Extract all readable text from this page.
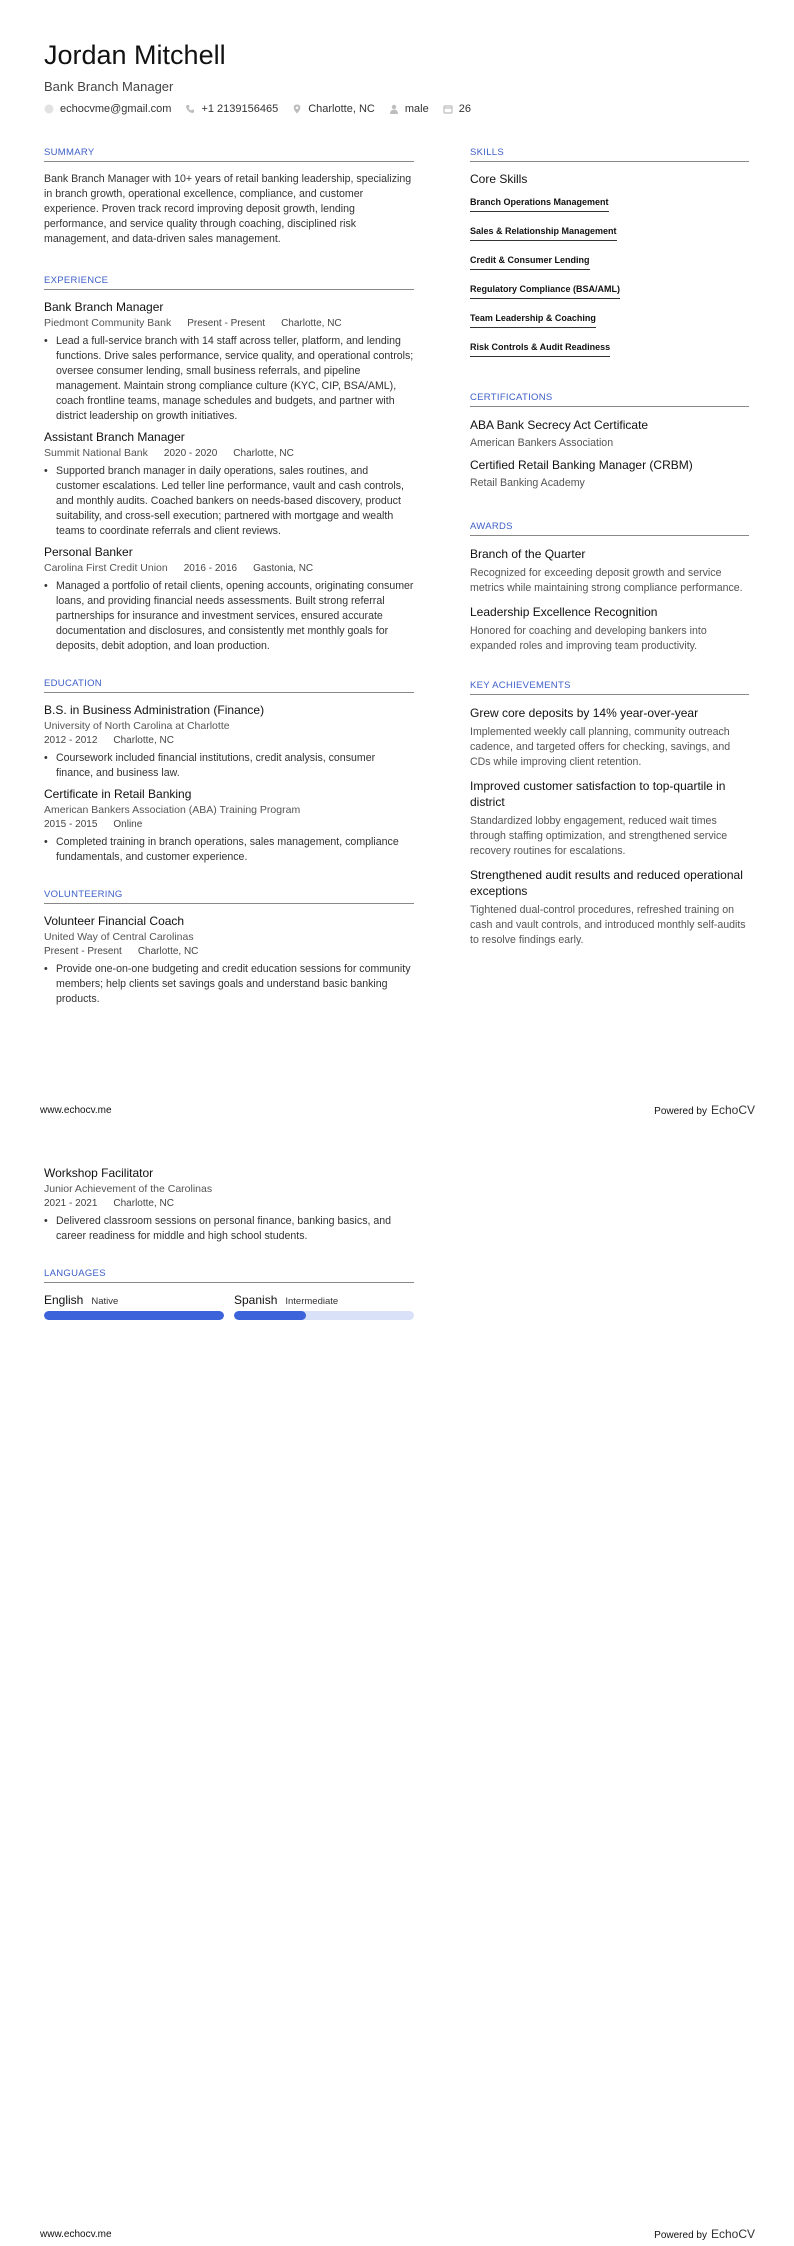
Jordan Mitchell
Bank Branch Manager
echocvme@gmail.com	+1 2139156465	Charlotte, NC	male	26
SUMMARY
Bank Branch Manager with 10+ years of retail banking leadership, specializing in branch growth, operational excellence, compliance, and customer experience. Proven track record improving deposit growth, lending performance, and service quality through coaching, disciplined risk management, and data-driven sales management.
EXPERIENCE
Bank Branch Manager
Piedmont Community Bank Present - Present Charlotte, NC
• Lead a full-service branch with 14 staff across teller, platform, and lending functions. Drive sales performance, service quality, and operational controls; oversee consumer lending, small business referrals, and pipeline management. Maintain strong compliance culture (KYC, CIP, BSA/AML), coach frontline teams, manage schedules and budgets, and partner with district leadership on growth initiatives.
Assistant Branch Manager
Summit National Bank 2020 - 2020 Charlotte, NC
• Supported branch manager in daily operations, sales routines, and customer escalations. Led teller line performance, vault and cash controls, and monthly audits. Coached bankers on needs-based discovery, product suitability, and cross-sell execution; partnered with mortgage and wealth teams to coordinate referrals and client reviews.
Personal Banker
Carolina First Credit Union 2016 - 2016 Gastonia, NC
• Managed a portfolio of retail clients, opening accounts, originating consumer loans, and providing financial needs assessments. Built strong referral partnerships for insurance and investment services, ensured accurate documentation and disclosures, and consistently met monthly goals for deposits, debit adoption, and loan production.
EDUCATION
B.S. in Business Administration (Finance)
University of North Carolina at Charlotte
2012 - 2012 Charlotte, NC
• Coursework included financial institutions, credit analysis, consumer finance, and business law.
Certificate in Retail Banking
American Bankers Association (ABA) Training Program
2015 - 2015 Online
• Completed training in branch operations, sales management, compliance fundamentals, and customer experience.
VOLUNTEERING
Volunteer Financial Coach
United Way of Central Carolinas
Present - Present Charlotte, NC
• Provide one-on-one budgeting and credit education sessions for community members; help clients set savings goals and understand basic banking products.
SKILLS
Core Skills
Branch Operations Management
Sales & Relationship Management
Credit & Consumer Lending
Regulatory Compliance (BSA/AML)
Team Leadership & Coaching
Risk Controls & Audit Readiness
CERTIFICATIONS
ABA Bank Secrecy Act Certificate
American Bankers Association
Certified Retail Banking Manager (CRBM)
Retail Banking Academy
AWARDS
Branch of the Quarter
Recognized for exceeding deposit growth and service metrics while maintaining strong compliance performance.
Leadership Excellence Recognition
Honored for coaching and developing bankers into expanded roles and improving team productivity.
KEY ACHIEVEMENTS
Grew core deposits by 14% year-over-year
Implemented weekly call planning, community outreach cadence, and targeted offers for checking, savings, and CDs while improving client retention.
Improved customer satisfaction to top-quartile in district
Standardized lobby engagement, reduced wait times through staffing optimization, and strengthened service recovery routines for escalations.
Strengthened audit results and reduced operational exceptions
Tightened dual-control procedures, refreshed training on cash and vault controls, and introduced monthly self-audits to resolve findings early.
www.echocv.me	Powered by EchoCV
Workshop Facilitator
Junior Achievement of the Carolinas
2021 - 2021 Charlotte, NC
• Delivered classroom sessions on personal finance, banking basics, and career readiness for middle and high school students.
LANGUAGES
English Native	Spanish Intermediate
www.echocv.me	Powered by EchoCV
